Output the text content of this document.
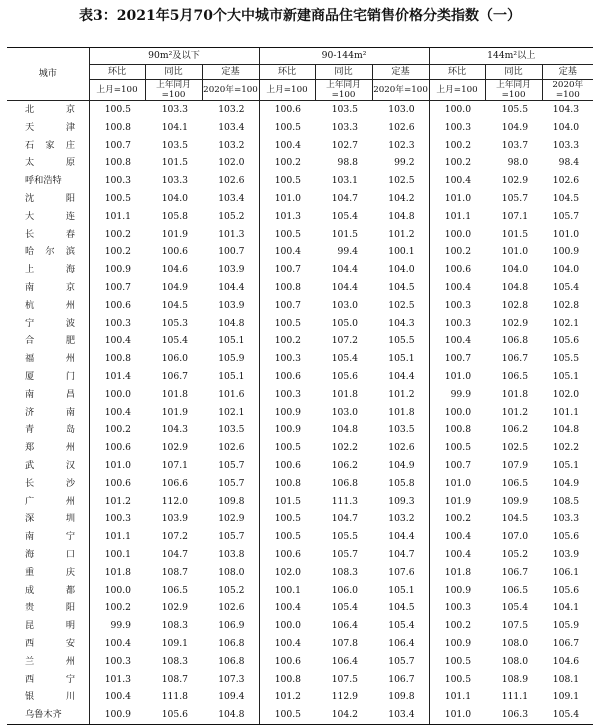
表3：2021年5月70个大中城市新建商品住宅销售价格分类指数（一）
城市	90m²及以下			90-144m²			144m²以上		
	环比	同比	定基	环比	同比	定基	环比	同比	定基
	上月=100	上年同月=100	2020年=100	上月=100	上年同月=100	2020年=100	上月=100	上年同月=100	2020年=100

北 京	100.5	103.3	103.2	100.6	103.5	103.0	100.0	105.5	104.3

天 津	100.8	104.1	103.4	100.5	103.3	102.6	100.3	104.9	104.0

石 家 庄	100.7	103.5	103.2	100.4	102.7	102.3	100.2	103.7	103.3

太 原	100.8	101.5	102.0	100.2	98.8	99.2	100.2	98.0	98.4

呼和浩特	100.3	103.3	102.6	100.5	103.1	102.5	100.4	102.9	102.6

沈 阳	100.5	104.0	103.4	101.0	104.7	104.2	101.0	105.7	104.5

大 连	101.1	105.8	105.2	101.3	105.4	104.8	101.1	107.1	105.7

长 春	100.2	101.9	101.3	100.5	101.5	101.2	100.0	101.5	101.0

哈 尔 滨	100.2	100.6	100.7	100.4	99.4	100.1	100.2	101.0	100.9

上 海	100.9	104.6	103.9	100.7	104.4	104.0	100.6	104.0	104.0

南 京	100.7	104.9	104.4	100.8	104.4	104.5	100.4	104.8	105.4

杭 州	100.6	104.5	103.9	100.7	103.0	102.5	100.3	102.8	102.8

宁 波	100.3	105.3	104.8	100.5	105.0	104.3	100.3	102.9	102.1

合 肥	100.4	105.4	105.1	100.2	107.2	105.5	100.4	106.8	105.6

福 州	100.8	106.0	105.9	100.3	105.4	105.1	100.7	106.7	105.5

厦 门	101.4	106.7	105.1	100.6	105.6	104.4	101.0	106.5	105.1

南 昌	100.0	101.8	101.6	100.3	101.8	101.2	99.9	101.8	102.0

济 南	100.4	101.9	102.1	100.9	103.0	101.8	100.0	101.2	101.1

青 岛	100.2	104.3	103.5	100.9	104.8	103.5	100.8	106.2	104.8

郑 州	100.6	102.9	102.6	100.5	102.2	102.6	100.5	102.5	102.2

武 汉	101.0	107.1	105.7	100.6	106.2	104.9	100.7	107.9	105.1

长 沙	100.6	106.6	105.7	100.8	106.8	105.8	101.0	106.5	104.9

广 州	101.2	112.0	109.8	101.5	111.3	109.3	101.9	109.9	108.5

深 圳	100.3	103.9	102.9	100.5	104.7	103.2	100.2	104.5	103.3

南 宁	101.1	107.2	105.7	100.5	105.5	104.4	100.4	107.0	105.6

海 口	100.1	104.7	103.8	100.6	105.7	104.7	100.4	105.2	103.9

重 庆	101.8	108.7	108.0	102.0	108.3	107.6	101.8	106.7	106.1

成 都	100.0	106.5	105.2	100.1	106.0	105.1	100.9	106.5	105.6

贵 阳	100.2	102.9	102.6	100.4	105.4	104.5	100.3	105.4	104.1

昆 明	99.9	108.3	106.9	100.0	106.4	105.4	100.2	107.5	105.9

西 安	100.4	109.1	106.8	100.4	107.8	106.4	100.9	108.0	106.7

兰 州	100.3	108.3	106.8	100.6	106.4	105.7	100.5	108.0	104.6

西 宁	101.3	108.7	107.3	100.8	107.5	106.7	100.5	108.9	108.1

银 川	100.4	111.8	109.4	101.2	112.9	109.8	101.1	111.1	109.1

乌鲁木齐	100.9	105.6	104.8	100.5	104.2	103.4	101.0	106.3	105.4
